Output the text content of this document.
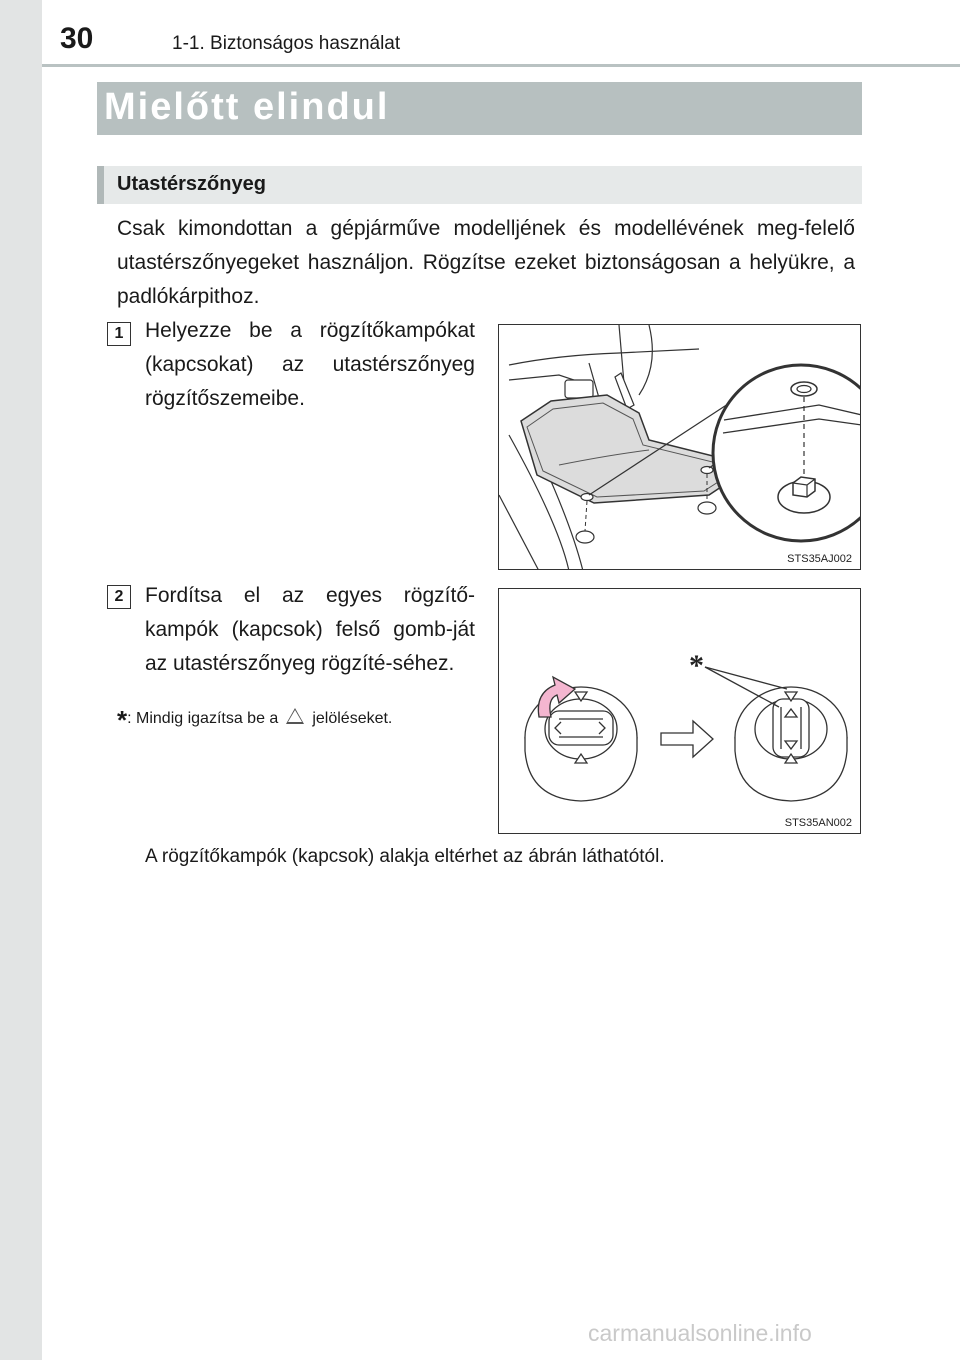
30	1-1. Biztonságos használat
Mielőtt elindul
Utastérszőnyeg
Csak kimondottan a gépjárműve modelljének és modellévének meg-felelő utastérszőnyegeket használjon. Rögzítse ezeket biztonságosan a helyükre, a padlókárpithoz.
1	Helyezze be a rögzítőkampókat (kapcsokat) az utastérszőnyeg rögzítőszemeibe.
STS35AJ002
2	Fordítsa el az egyes rögzítő-kampók (kapcsok) felső gomb-ját az utastérszőnyeg rögzíté-séhez.
*: Mindig igazítsa be a jelöléseket.
*
STS35AN002
A rögzítőkampók (kapcsok) alakja eltérhet az ábrán láthatótól.
carmanualsonline.info
